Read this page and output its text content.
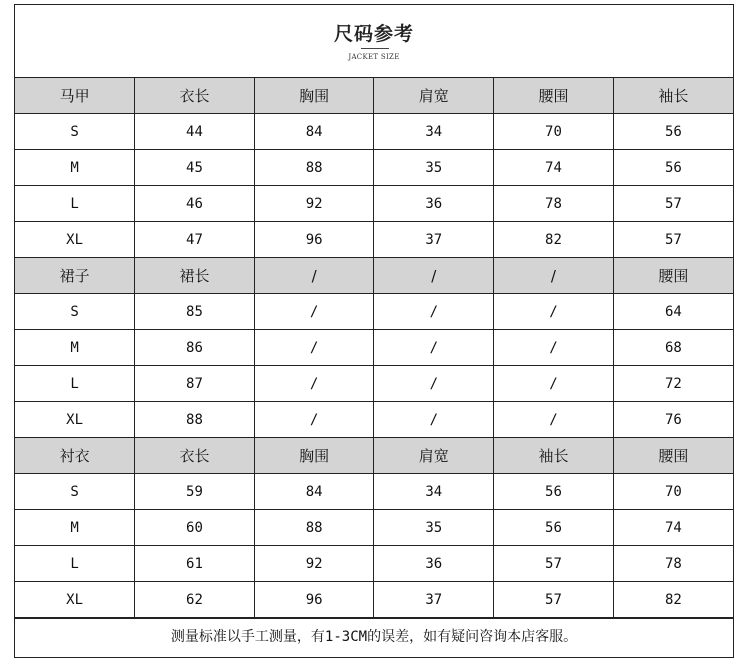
尺码参考
JACKET SIZE
马甲	衣长	胸围	肩宽	腰围	袖长
S	44	84	34	70	56
M	45	88	35	74	56
L	46	92	36	78	57
XL	47	96	37	82	57
裙子	裙长	/	/	/	腰围
S	85	/	/	/	64
M	86	/	/	/	68
L	87	/	/	/	72
XL	88	/	/	/	76
衬衣	衣长	胸围	肩宽	袖长	腰围
S	59	84	34	56	70
M	60	88	35	56	74
L	61	92	36	57	78
XL	62	96	37	57	82
测量标准以手工测量，有1-3CM的误差，如有疑问咨询本店客服。
